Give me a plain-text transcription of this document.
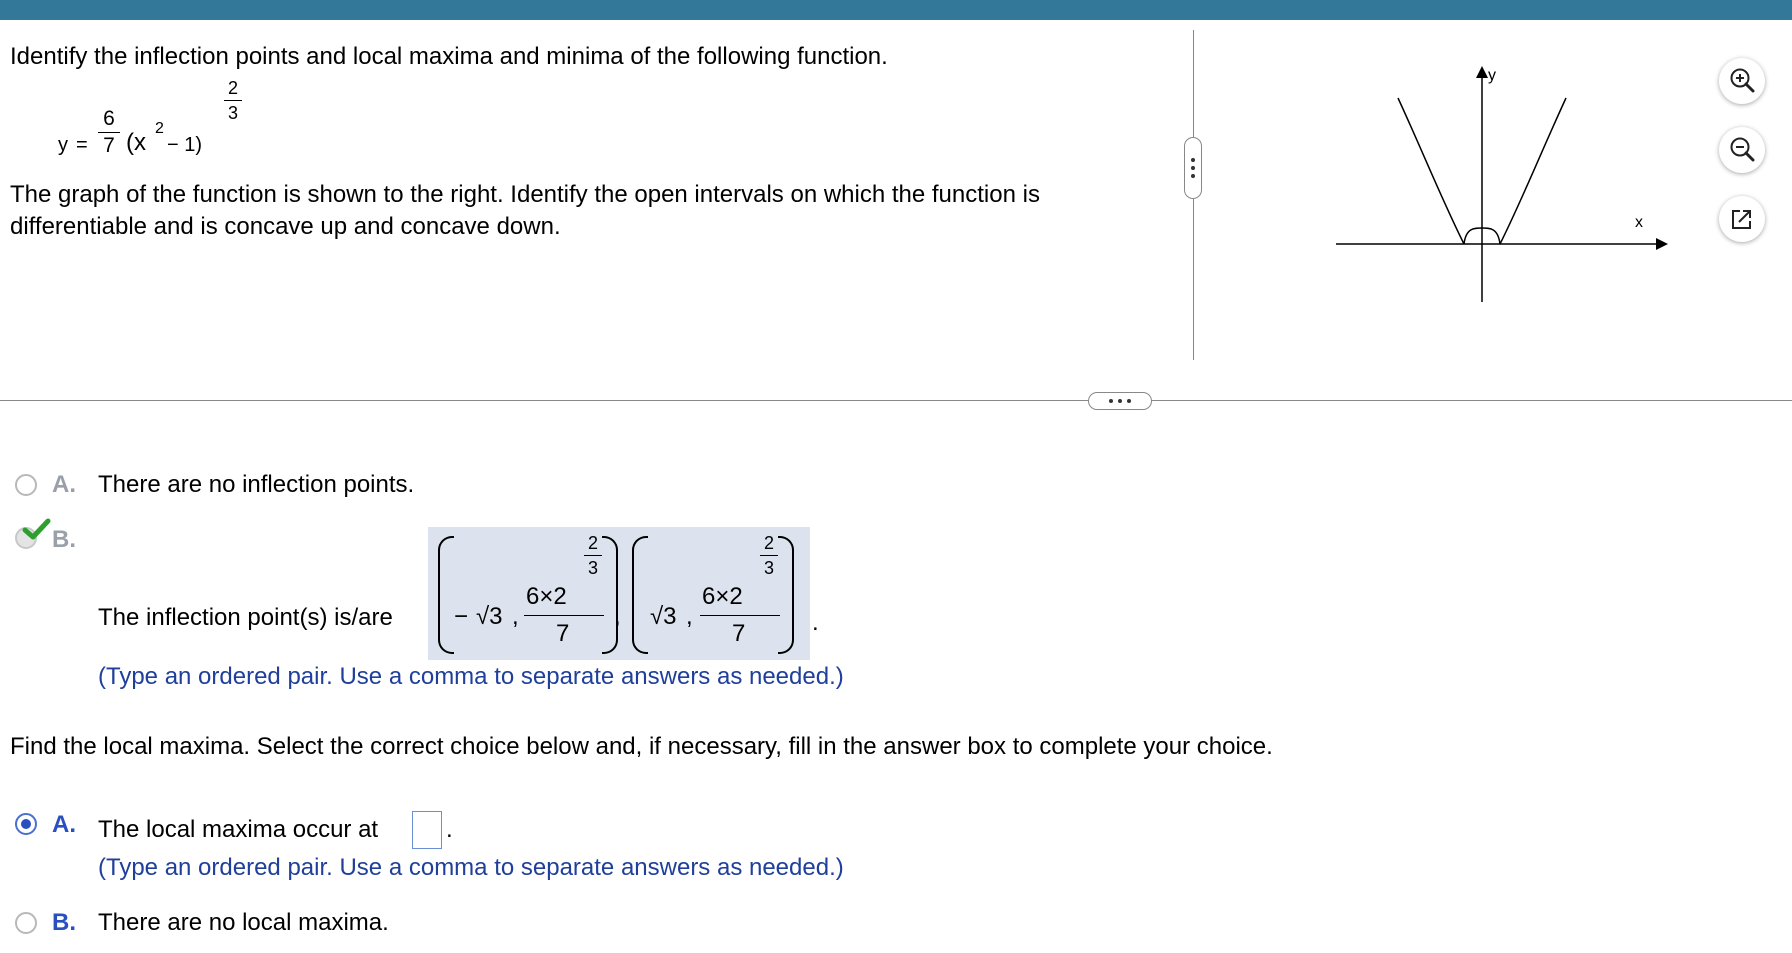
Identify the inflection points and local maxima and minima of the following function.
y =
6
7 (x
2
− 1)
2
3
The graph of the function is shown to the right. Identify the open intervals on which the function is
differentiable and is concave up and concave down.
y
x
A. There are no inflection points.
B.
The inflection point(s) is/are	− √3 ,
6×2
2
3
7
, √3 ,
6×2
2
3
7	.
(Type an ordered pair. Use a comma to separate answers as needed.)
Find the local maxima. Select the correct choice below and, if necessary, fill in the answer box to complete your choice.
A. The local maxima occur at	.
(Type an ordered pair. Use a comma to separate answers as needed.)
B. There are no local maxima.
